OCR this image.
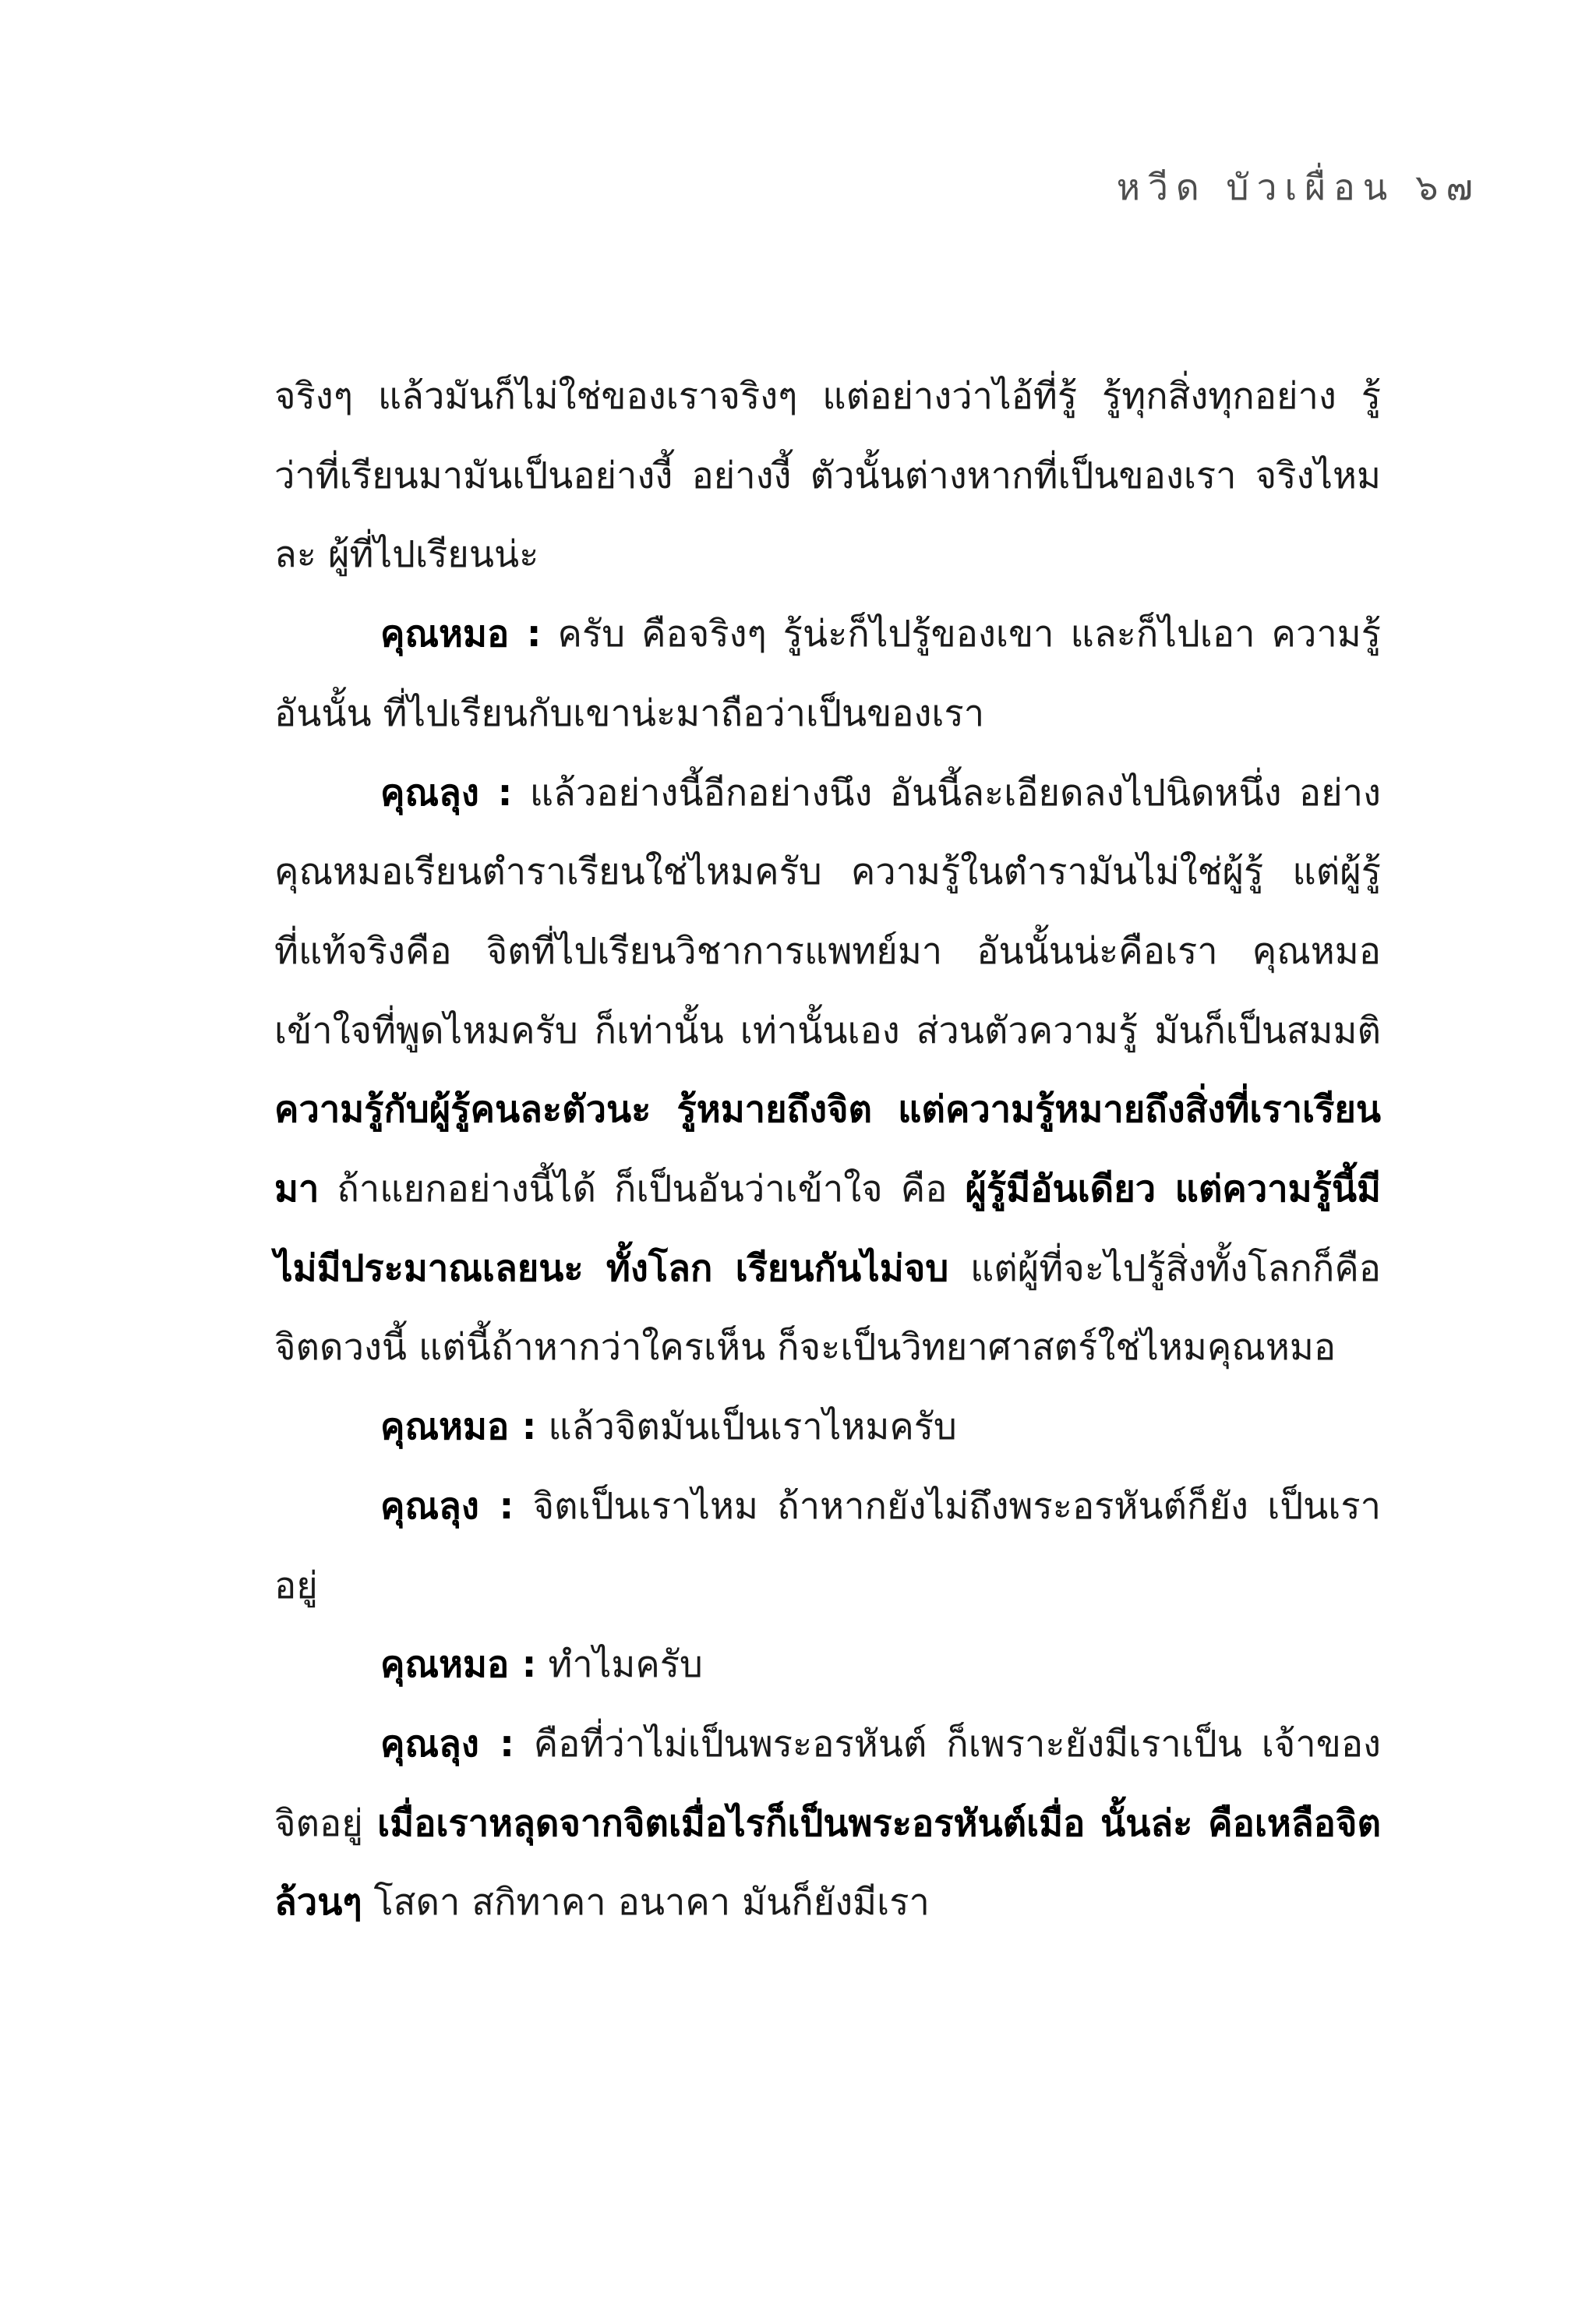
หวีด บัวเผื่อน ๖๗

จริงๆ แล้วมันก็ไม่ใช่ของเราจริงๆ แต่อย่างว่าไอ้ที่รู้ รู้ทุกสิ่งทุกอย่าง รู้ว่าที่เรียนมามันเป็นอย่างงี้ อย่างงี้ ตัวนั้นต่างหากที่เป็นของเรา จริงไหมละ ผู้ที่ไปเรียนน่ะ

คุณหมอ : ครับ คือจริงๆ รู้น่ะก็ไปรู้ของเขา และก็ไปเอา ความรู้อันนั้น ที่ไปเรียนกับเขาน่ะมาถือว่าเป็นของเรา

คุณลุง : แล้วอย่างนี้อีกอย่างนึง อันนี้ละเอียดลงไปนิดหนึ่ง อย่างคุณหมอเรียนตำราเรียนใช่ไหมครับ ความรู้ในตำรามันไม่ใช่ผู้รู้ แต่ผู้รู้ที่แท้จริงคือ จิตที่ไปเรียนวิชาการแพทย์มา อันนั้นน่ะคือเรา คุณหมอเข้าใจที่พูดไหมครับ ก็เท่านั้น เท่านั้นเอง ส่วนตัวความรู้ มันก็เป็นสมมติ ความรู้กับผู้รู้คนละตัวนะ รู้หมายถึงจิต แต่ความรู้หมายถึงสิ่งที่เราเรียนมา ถ้าแยกอย่างนี้ได้ ก็เป็นอันว่าเข้าใจ คือ ผู้รู้มีอันเดียว แต่ความรู้นี้มีไม่มีประมาณเลยนะ ทั้งโลก เรียนกันไม่จบ แต่ผู้ที่จะไปรู้สิ่งทั้งโลกก็คือ จิตดวงนี้ แต่นี้ถ้าหากว่าใครเห็น ก็จะเป็นวิทยาศาสตร์ใช่ไหมคุณหมอ

คุณหมอ : แล้วจิตมันเป็นเราไหมครับ

คุณลุง : จิตเป็นเราไหม ถ้าหากยังไม่ถึงพระอรหันต์ก็ยัง เป็นเราอยู่

คุณหมอ : ทำไมครับ

คุณลุง : คือที่ว่าไม่เป็นพระอรหันต์ ก็เพราะยังมีเราเป็น เจ้าของจิตอยู่ เมื่อเราหลุดจากจิตเมื่อไรก็เป็นพระอรหันต์เมื่อ นั้นล่ะ คือเหลือจิตล้วนๆ โสดา สกิทาคา อนาคา มันก็ยังมีเรา
